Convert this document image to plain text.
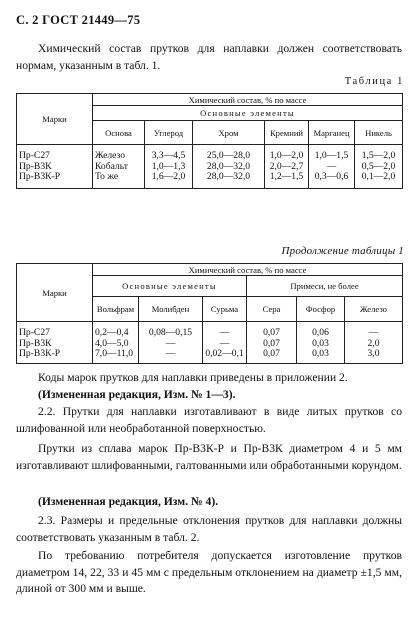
С. 2 ГОСТ 21449—75
Химический состав прутков для наплавки должен соответствовать нормам, указанным в табл. 1.
Таблица 1
Марки	Химический состав, % по массе					
	Основные элементы					
	Основа	Углерод	Хром	Кремний	Марганец	Никель
Пр-С27	Железо	3,3—4,5	25,0—28,0	1,0—2,0	1,0—1,5	1,5—2,0
Пр-В3К	Кобальт	1,0—1,3	28,0—32,0	2,0—2,7	—	0,5—2,0
Пр-В3К-Р	То же	1,6—2,0	28,0—32,0	1,2—1,5	0,3—0,6	0,1—2,0
Продолжение таблицы 1
Марки	Химический состав, % по массе					
	Основные элементы			Примеси, не более		
	Вольфрам	Молибден	Сурьма	Сера	Фосфор	Железо
Пр-С27	0,2—0,4	0,08—0,15	—	0,07	0,06	—
Пр-В3К	4,0—5,0	—	—	0,07	0,03	2,0
Пр-В3К-Р	7,0—11,0	—	0,02—0,1	0,07	0,03	3,0
Коды марок прутков для наплавки приведены в приложении 2.
(Измененная редакция, Изм. № 1—3).
2.2. Прутки для наплавки изготавливают в виде литых прутков со шлифованной или необработанной поверхностью.
Прутки из сплава марок Пр-В3К-Р и Пр-В3К диаметром 4 и 5 мм изготавливают шлифованными, галтованными или обработанными корундом.
(Измененная редакция, Изм. № 4).
2.3. Размеры и предельные отклонения прутков для наплавки должны соответствовать указанным в табл. 2.
По требованию потребителя допускается изготовление прутков диаметром 14, 22, 33 и 45 мм с предельным отклонением на диаметр ±1,5 мм, длиной от 300 мм и выше.
